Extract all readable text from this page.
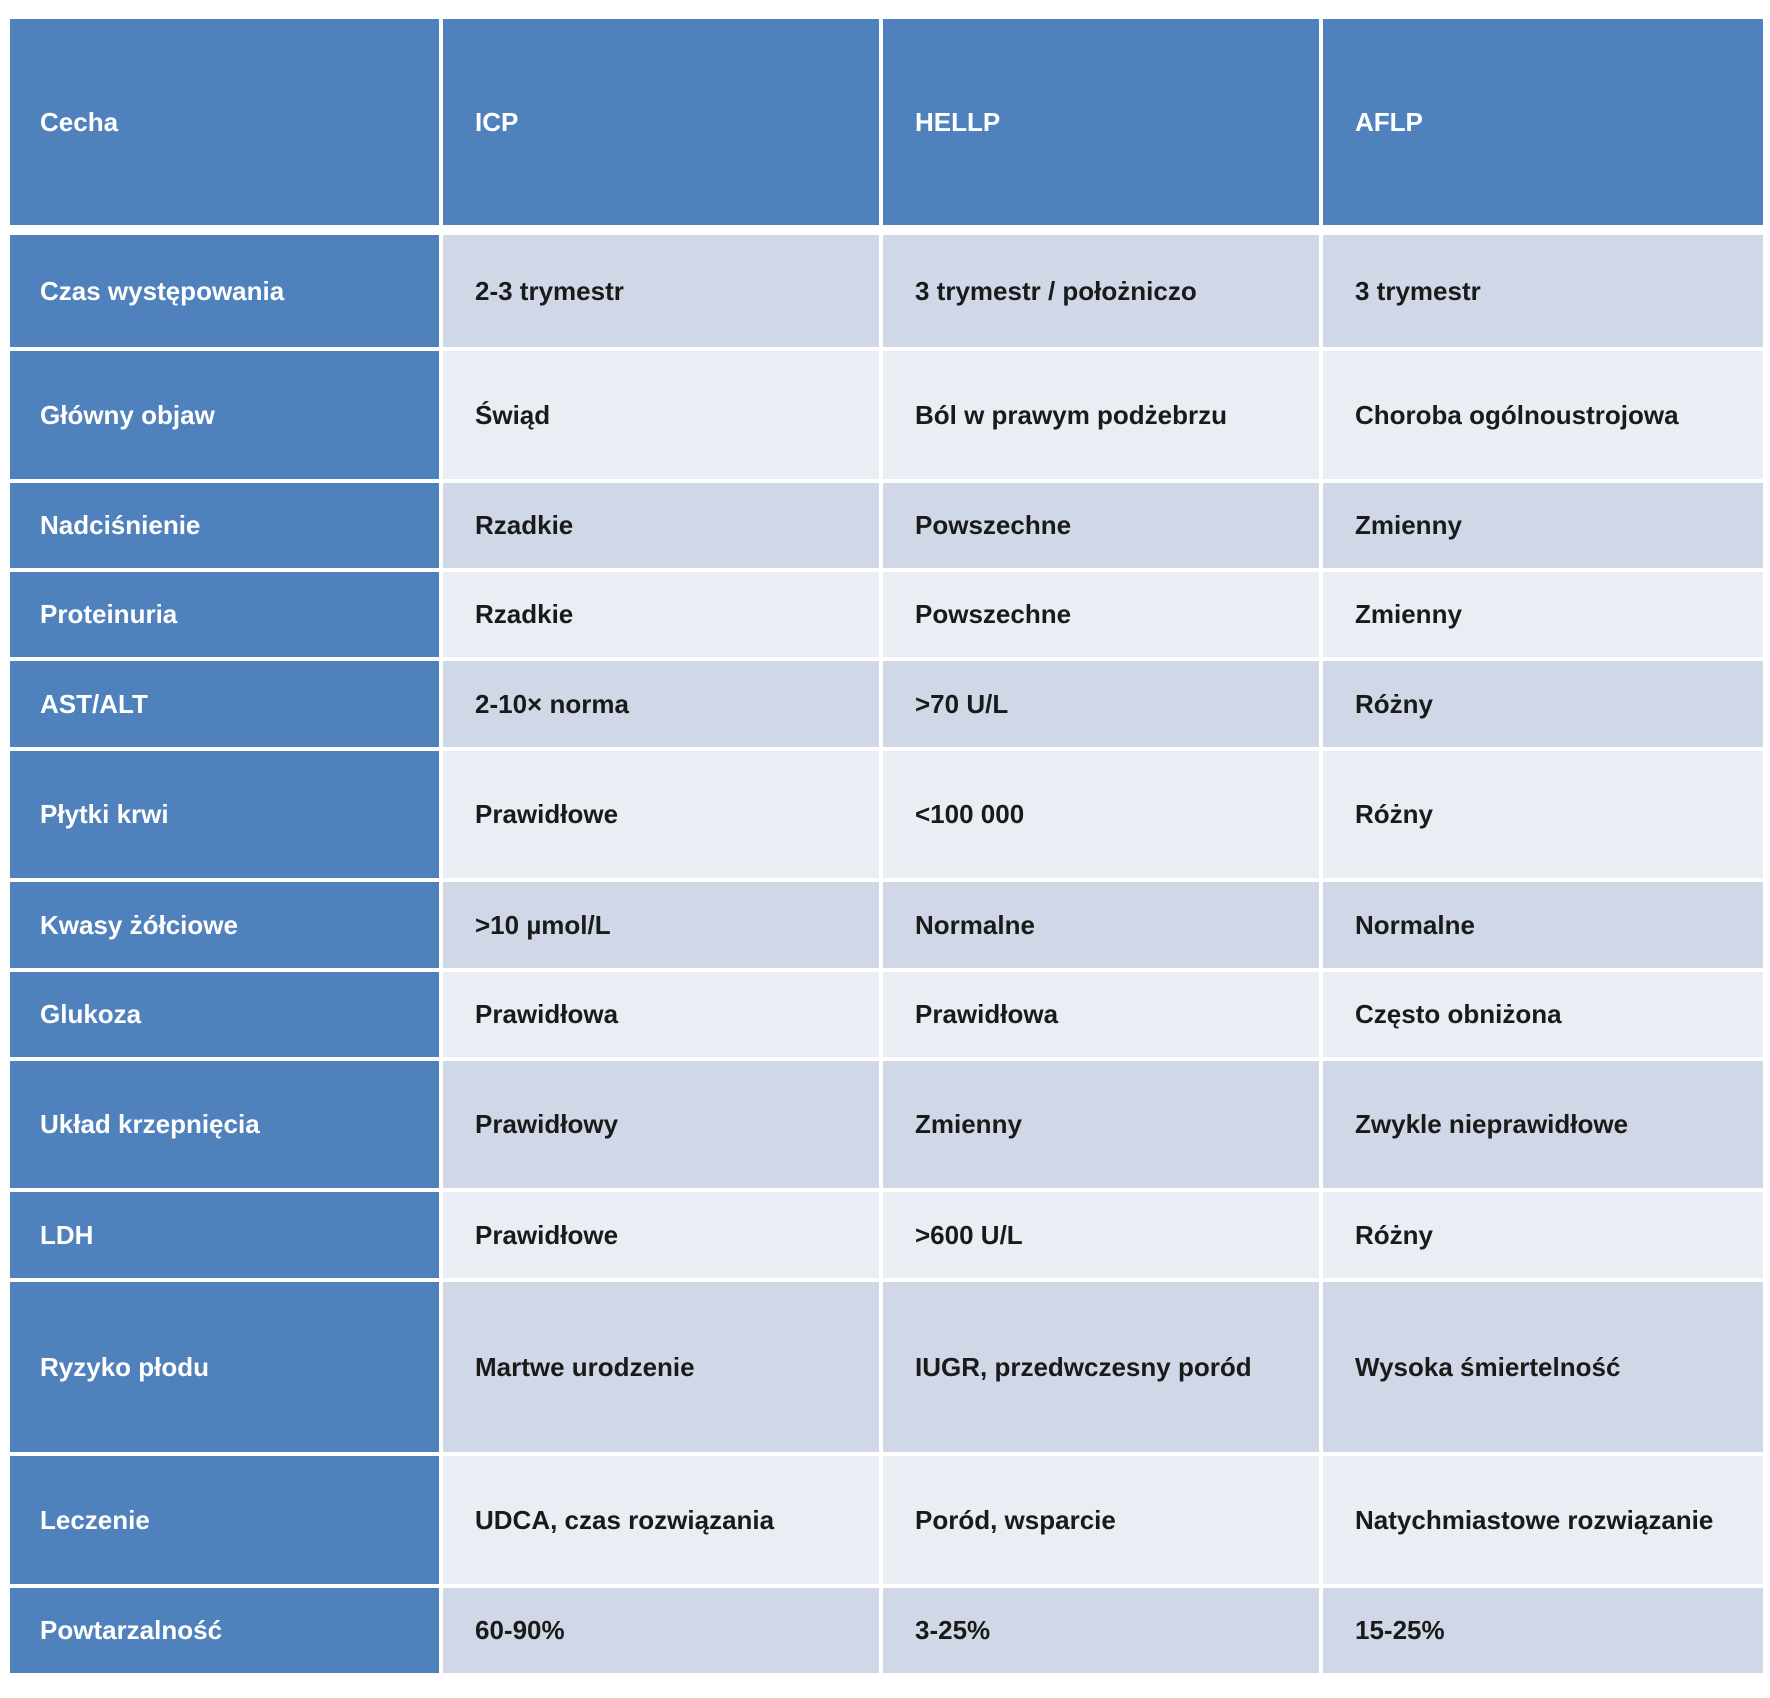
Cecha	ICP	HELLP	AFLP
Czas występowania	2-3 trymestr	3 trymestr / położniczo	3 trymestr
Główny objaw	Świąd	Ból w prawym podżebrzu	Choroba ogólnoustrojowa
Nadciśnienie	Rzadkie	Powszechne	Zmienny
Proteinuria	Rzadkie	Powszechne	Zmienny
AST/ALT	2-10× norma	>70 U/L	Różny
Płytki krwi	Prawidłowe	<100 000	Różny
Kwasy żółciowe	>10 µmol/L	Normalne	Normalne
Glukoza	Prawidłowa	Prawidłowa	Często obniżona
Układ krzepnięcia	Prawidłowy	Zmienny	Zwykle nieprawidłowe
LDH	Prawidłowe	>600 U/L	Różny
Ryzyko płodu	Martwe urodzenie	IUGR, przedwczesny poród	Wysoka śmiertelność
Leczenie	UDCA, czas rozwiązania	Poród, wsparcie	Natychmiastowe rozwiązanie
Powtarzalność	60-90%	3-25%	15-25%
